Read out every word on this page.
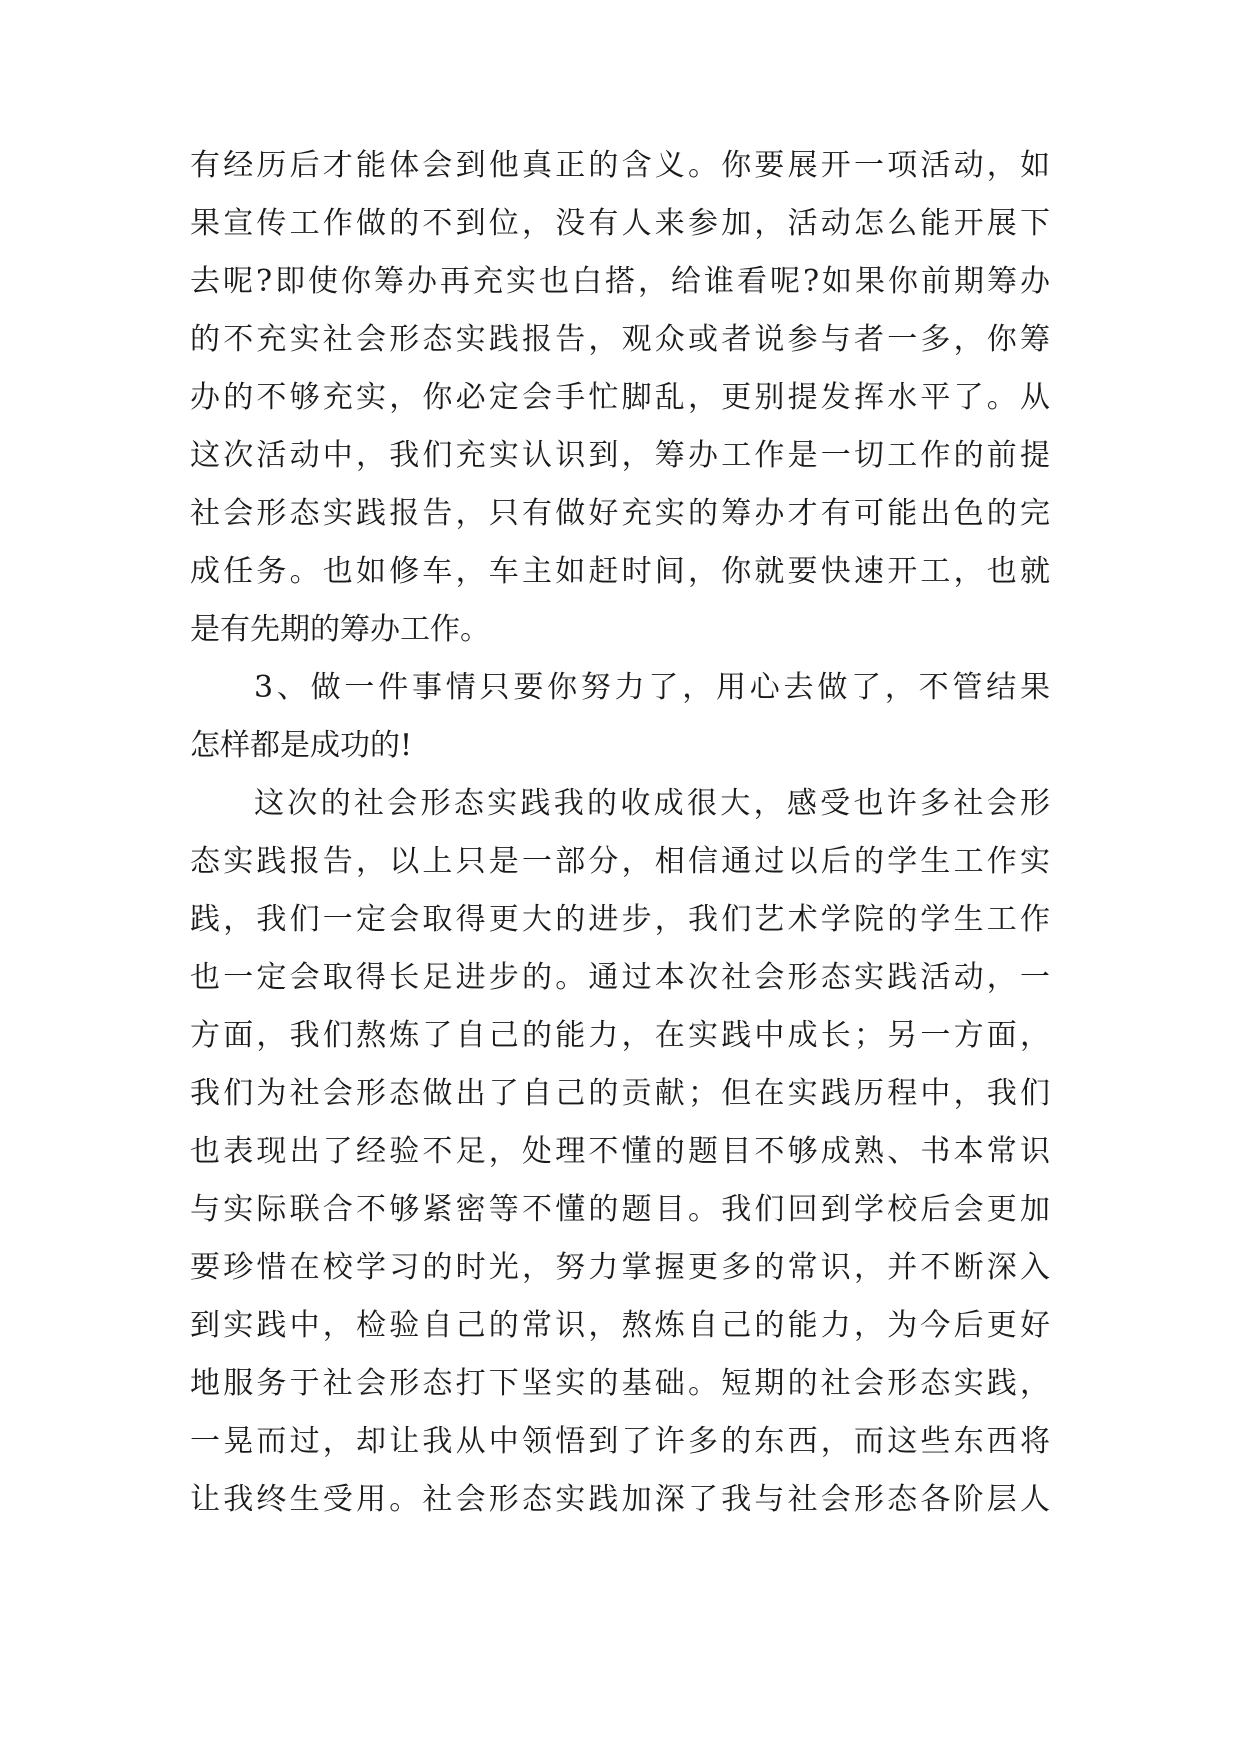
有经历后才能体会到他真正的含义。你要展开一项活动，如
果宣传工作做的不到位，没有人来参加，活动怎么能开展下
去呢?即使你筹办再充实也白搭，给谁看呢?如果你前期筹办
的不充实社会形态实践报告，观众或者说参与者一多，你筹
办的不够充实，你必定会手忙脚乱，更别提发挥水平了。从
这次活动中，我们充实认识到，筹办工作是一切工作的前提
社会形态实践报告，只有做好充实的筹办才有可能出色的完
成任务。也如修车，车主如赶时间，你就要快速开工，也就
是有先期的筹办工作。
3、做一件事情只要你努力了，用心去做了，不管结果
怎样都是成功的!
这次的社会形态实践我的收成很大，感受也许多社会形
态实践报告，以上只是一部分，相信通过以后的学生工作实
践，我们一定会取得更大的进步，我们艺术学院的学生工作
也一定会取得长足进步的。通过本次社会形态实践活动，一
方面，我们熬炼了自己的能力，在实践中成长；另一方面，
我们为社会形态做出了自己的贡献；但在实践历程中，我们
也表现出了经验不足，处理不懂的题目不够成熟、书本常识
与实际联合不够紧密等不懂的题目。我们回到学校后会更加
要珍惜在校学习的时光，努力掌握更多的常识，并不断深入
到实践中，检验自己的常识，熬炼自己的能力，为今后更好
地服务于社会形态打下坚实的基础。短期的社会形态实践，
一晃而过，却让我从中领悟到了许多的东西，而这些东西将
让我终生受用。社会形态实践加深了我与社会形态各阶层人
